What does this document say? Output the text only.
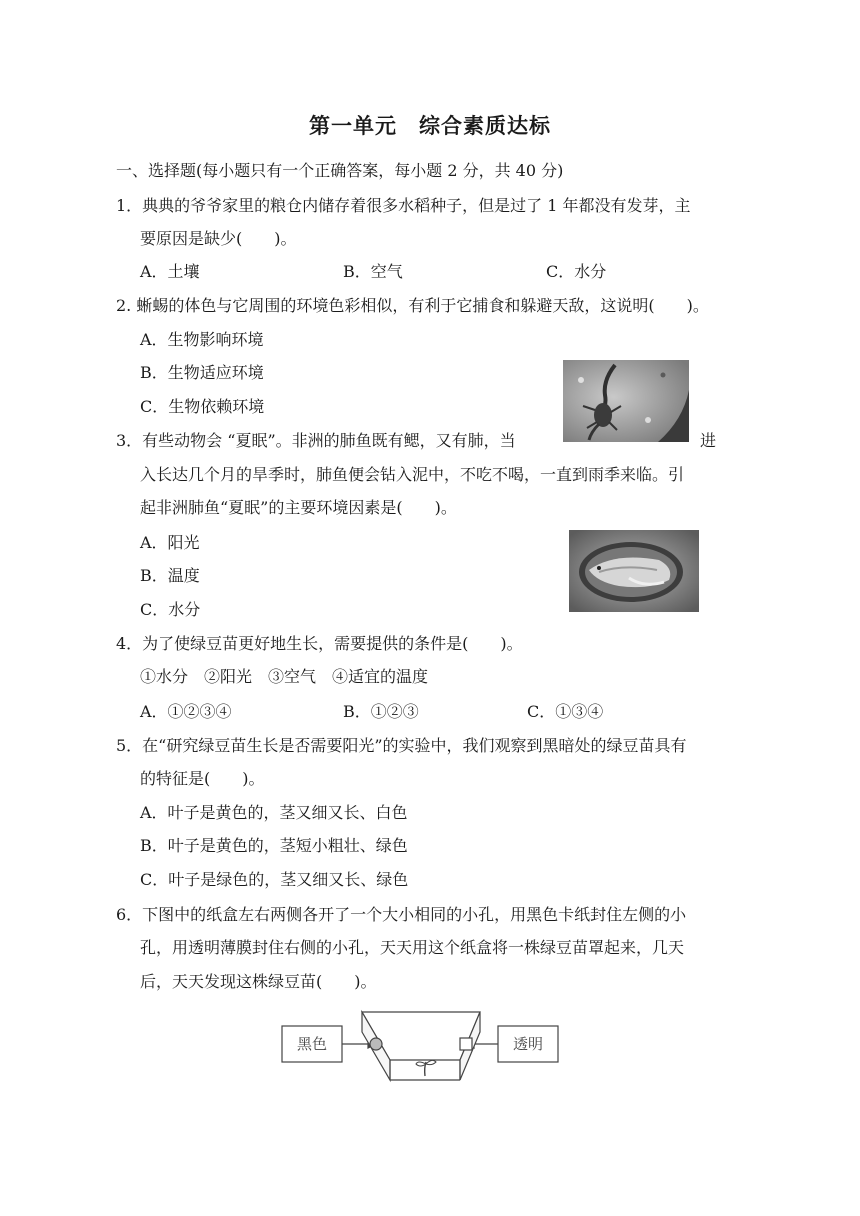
第一单元　综合素质达标
一、选择题(每小题只有一个正确答案，每小题 2 分，共 40 分)
1．典典的爷爷家里的粮仓内储存着很多水稻种子，但是过了 1 年都没有发芽，主
要原因是缺少(　　)。
A．土壤	B．空气	C．水分
2. 蜥蜴的体色与它周围的环境色彩相似，有利于它捕食和躲避天敌，这说明(　　)。
A．生物影响环境
B．生物适应环境
C．生物依赖环境
3．有些动物会 “夏眠”。非洲的肺鱼既有鳃，又有肺，当	进
入长达几个月的旱季时，肺鱼便会钻入泥中，不吃不喝，一直到雨季来临。引
起非洲肺鱼“夏眠”的主要环境因素是(　　)。
A．阳光
B．温度
C．水分
4．为了使绿豆苗更好地生长，需要提供的条件是(　　)。
①水分　②阳光　③空气　④适宜的温度
A．①②③④	B．①②③	C．①③④
5．在“研究绿豆苗生长是否需要阳光”的实验中，我们观察到黑暗处的绿豆苗具有
的特征是(　　)。
A．叶子是黄色的，茎又细又长、白色
B．叶子是黄色的，茎短小粗壮、绿色
C．叶子是绿色的，茎又细又长、绿色
6．下图中的纸盒左右两侧各开了一个大小相同的小孔，用黑色卡纸封住左侧的小
孔，用透明薄膜封住右侧的小孔，天天用这个纸盒将一株绿豆苗罩起来，几天
后，天天发现这株绿豆苗(　　)。
黑色	透明
